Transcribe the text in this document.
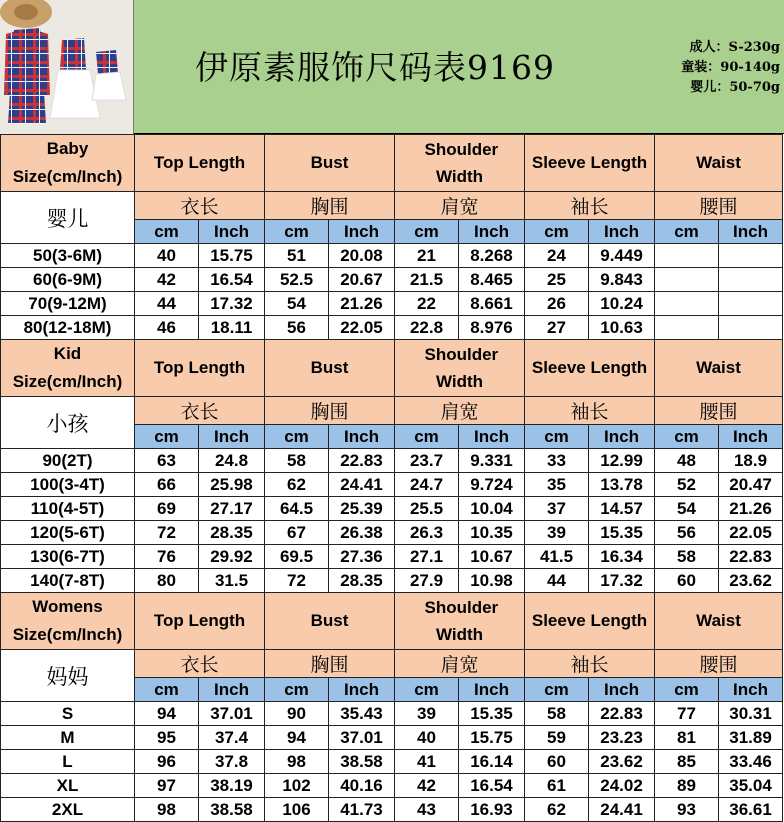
伊原素服饰尺码表9169
成人：S-230g
童装：90-140g
婴儿：50-70g
Baby
Size(cm/Inch)	Top Length		Bust		Shoulder Width		Sleeve Length		Waist	
婴儿	衣长		胸围		肩宽		袖长		腰围	
	cm	Inch	cm	Inch	cm	Inch	cm	Inch	cm	Inch
50(3-6M)	40	15.75	51	20.08	21	8.268	24	9.449		
60(6-9M)	42	16.54	52.5	20.67	21.5	8.465	25	9.843		
70(9-12M)	44	17.32	54	21.26	22	8.661	26	10.24		
80(12-18M)	46	18.11	56	22.05	22.8	8.976	27	10.63		

Kid
Size(cm/Inch)	Top Length		Bust		Shoulder Width		Sleeve Length		Waist	
小孩	衣长		胸围		肩宽		袖长		腰围	
	cm	Inch	cm	Inch	cm	Inch	cm	Inch	cm	Inch
90(2T)	63	24.8	58	22.83	23.7	9.331	33	12.99	48	18.9
100(3-4T)	66	25.98	62	24.41	24.7	9.724	35	13.78	52	20.47
110(4-5T)	69	27.17	64.5	25.39	25.5	10.04	37	14.57	54	21.26
120(5-6T)	72	28.35	67	26.38	26.3	10.35	39	15.35	56	22.05
130(6-7T)	76	29.92	69.5	27.36	27.1	10.67	41.5	16.34	58	22.83
140(7-8T)	80	31.5	72	28.35	27.9	10.98	44	17.32	60	23.62

Womens
Size(cm/Inch)	Top Length		Bust		Shoulder Width		Sleeve Length		Waist	
妈妈	衣长		胸围		肩宽		袖长		腰围	
	cm	Inch	cm	Inch	cm	Inch	cm	Inch	cm	Inch
S	94	37.01	90	35.43	39	15.35	58	22.83	77	30.31
M	95	37.4	94	37.01	40	15.75	59	23.23	81	31.89
L	96	37.8	98	38.58	41	16.14	60	23.62	85	33.46
XL	97	38.19	102	40.16	42	16.54	61	24.02	89	35.04
2XL	98	38.58	106	41.73	43	16.93	62	24.41	93	36.61
